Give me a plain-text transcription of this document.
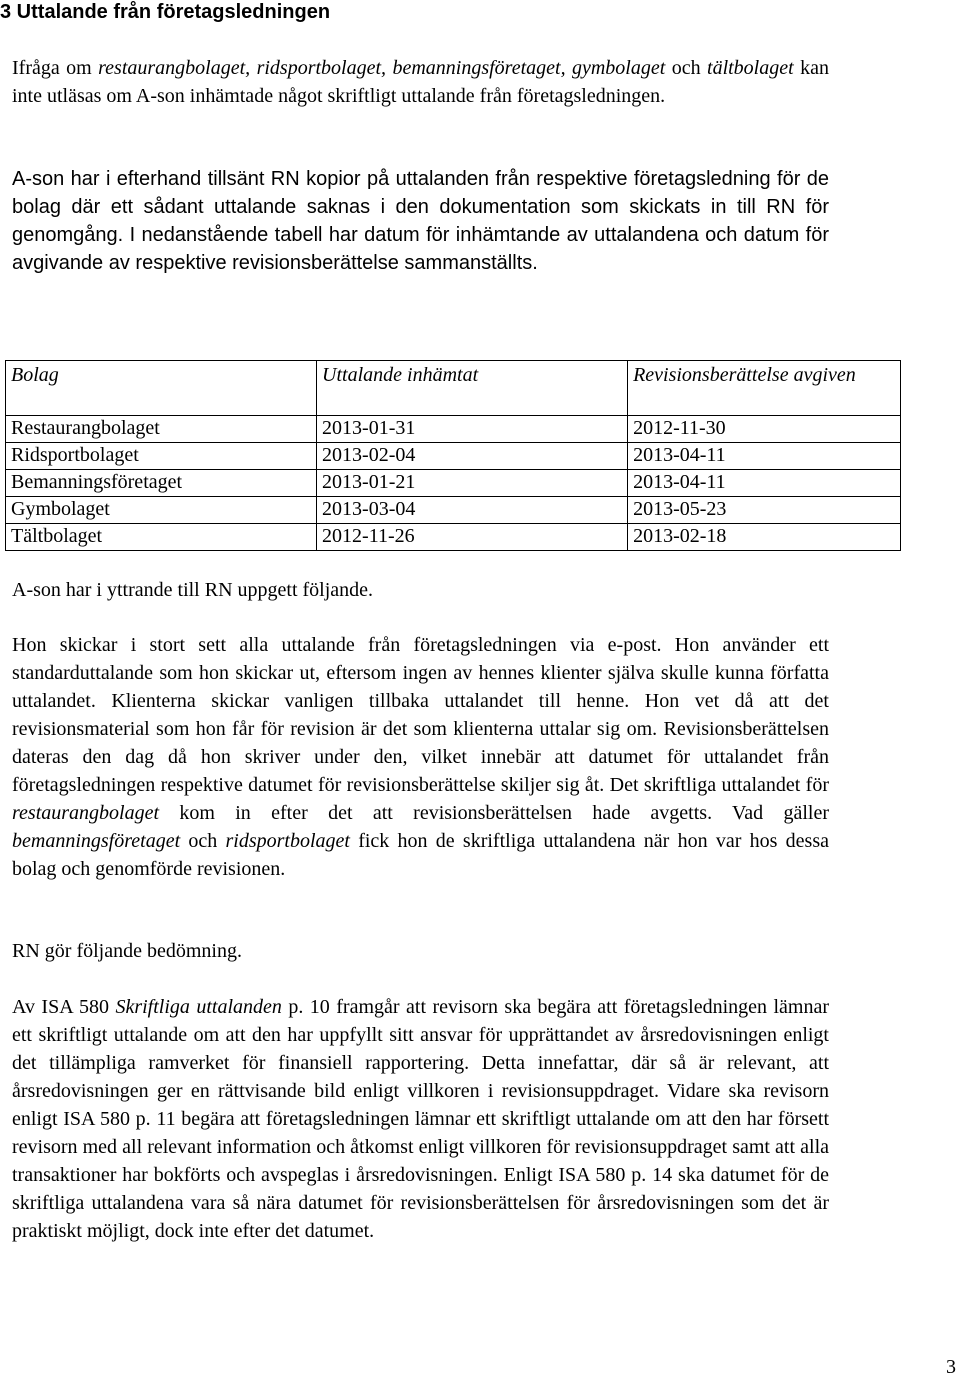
3 Uttalande från företagsledningen

Ifråga om restaurangbolaget, ridsportbolaget, bemanningsföretaget, gymbolaget och tältbolaget kan inte utläsas om A-son inhämtade något skriftligt uttalande från företagsledningen.

A-son har i efterhand tillsänt RN kopior på uttalanden från respektive företagsledning för de bolag där ett sådant uttalande saknas i den dokumentation som skickats in till RN för genomgång. I nedanstående tabell har datum för inhämtande av uttalandena och datum för avgivande av respektive revisionsberättelse sammanställts.

Bolag	Uttalande inhämtat	Revisionsberättelse avgiven
Restaurangbolaget	2013-01-31	2012-11-30
Ridsportbolaget	2013-02-04	2013-04-11
Bemanningsföretaget	2013-01-21	2013-04-11
Gymbolaget	2013-03-04	2013-05-23
Tältbolaget	2012-11-26	2013-02-18

A-son har i yttrande till RN uppgett följande.

Hon skickar i stort sett alla uttalande från företagsledningen via e-post. Hon använder ett standarduttalande som hon skickar ut, eftersom ingen av hennes klienter själva skulle kunna författa uttalandet. Klienterna skickar vanligen tillbaka uttalandet till henne. Hon vet då att det revisionsmaterial som hon får för revision är det som klienterna uttalar sig om. Revisionsberättelsen dateras den dag då hon skriver under den, vilket innebär att datumet för uttalandet från företagsledningen respektive datumet för revisionsberättelse skiljer sig åt. Det skriftliga uttalandet för restaurangbolaget kom in efter det att revisionsberättelsen hade avgetts. Vad gäller bemanningsföretaget och ridsportbolaget fick hon de skriftliga uttalandena när hon var hos dessa bolag och genomförde revisionen.

RN gör följande bedömning.

Av ISA 580 Skriftliga uttalanden p. 10 framgår att revisorn ska begära att företagsledningen lämnar ett skriftligt uttalande om att den har uppfyllt sitt ansvar för upprättandet av årsredovisningen enligt det tillämpliga ramverket för finansiell rapportering. Detta innefattar, där så är relevant, att årsredovisningen ger en rättvisande bild enligt villkoren i revisionsuppdraget. Vidare ska revisorn enligt ISA 580 p. 11 begära att företagsledningen lämnar ett skriftligt uttalande om att den har försett revisorn med all relevant information och åtkomst enligt villkoren för revisionsuppdraget samt att alla transaktioner har bokförts och avspeglas i årsredovisningen. Enligt ISA 580 p. 14 ska datumet för de skriftliga uttalandena vara så nära datumet för revisionsberättelsen för årsredovisningen som det är praktiskt möjligt, dock inte efter det datumet.

3
